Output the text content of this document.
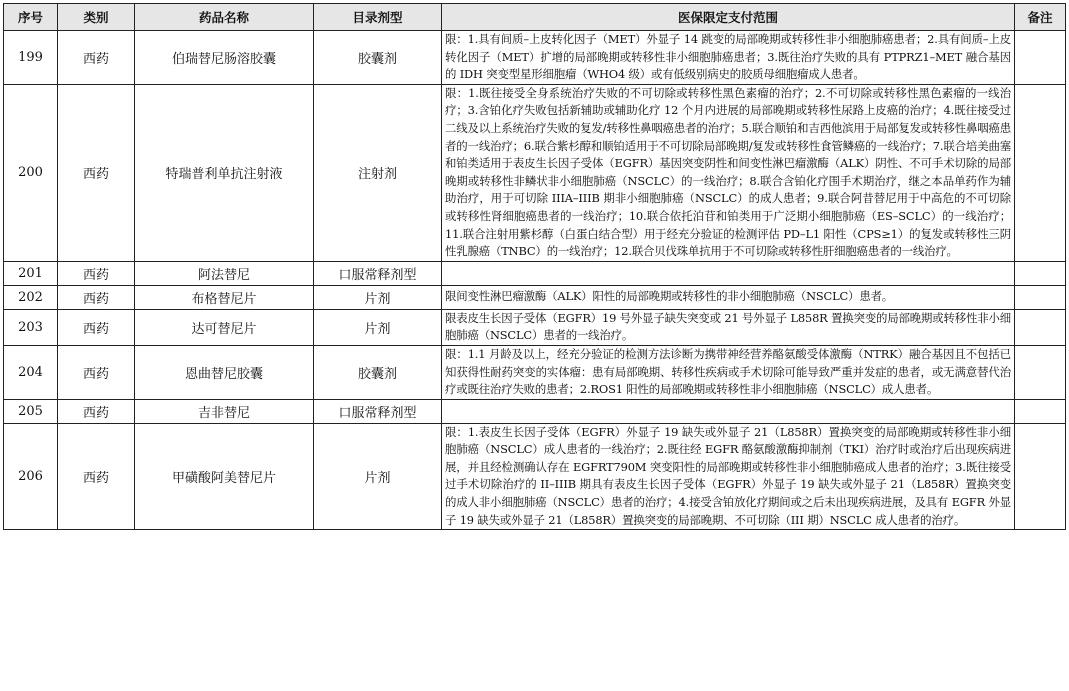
序号	类别	药品名称	目录剂型	医保限定支付范围	备注
199	西药	伯瑞替尼肠溶胶囊	胶囊剂	限：1.具有间质–上皮转化因子（MET）外显子 14 跳变的局部晚期或转移性非小细胞肺癌患者；2.具有间质–上皮转化因子（MET）扩增的局部晚期或转移性非小细胞肺癌患者；3.既往治疗失败的具有 PTPRZ1–MET 融合基因的 IDH 突变型星形细胞瘤（WHO4 级）或有低级别病史的胶质母细胞瘤成人患者。	
200	西药	特瑞普利单抗注射液	注射剂	限：1.既往接受全身系统治疗失败的不可切除或转移性黑色素瘤的治疗；2.不可切除或转移性黑色素瘤的一线治疗；3.含铂化疗失败包括新辅助或辅助化疗 12 个月内进展的局部晚期或转移性尿路上皮癌的治疗；4.既往接受过二线及以上系统治疗失败的复发/转移性鼻咽癌患者的治疗；5.联合顺铂和吉西他滨用于局部复发或转移性鼻咽癌患者的一线治疗；6.联合紫杉醇和顺铂适用于不可切除局部晚期/复发或转移性食管鳞癌的一线治疗；7.联合培美曲塞和铂类适用于表皮生长因子受体（EGFR）基因突变阴性和间变性淋巴瘤激酶（ALK）阴性、不可手术切除的局部晚期或转移性非鳞状非小细胞肺癌（NSCLC）的一线治疗；8.联合含铂化疗围手术期治疗，继之本品单药作为辅助治疗，用于可切除 IIIA–IIIB 期非小细胞肺癌（NSCLC）的成人患者；9.联合阿昔替尼用于中高危的不可切除或转移性肾细胞癌患者的一线治疗；10.联合依托泊苷和铂类用于广泛期小细胞肺癌（ES–SCLC）的一线治疗；11.联合注射用紫杉醇（白蛋白结合型）用于经充分验证的检测评估 PD–L1 阳性（CPS≥1）的复发或转移性三阴性乳腺癌（TNBC）的一线治疗；12.联合贝伐珠单抗用于不可切除或转移性肝细胞癌患者的一线治疗。	
201	西药	阿法替尼	口服常释剂型		
202	西药	布格替尼片	片剂	限间变性淋巴瘤激酶（ALK）阳性的局部晚期或转移性的非小细胞肺癌（NSCLC）患者。	
203	西药	达可替尼片	片剂	限表皮生长因子受体（EGFR）19 号外显子缺失突变或 21 号外显子 L858R 置换突变的局部晚期或转移性非小细胞肺癌（NSCLC）患者的一线治疗。	
204	西药	恩曲替尼胶囊	胶囊剂	限：1.1 月龄及以上，经充分验证的检测方法诊断为携带神经营养酪氨酸受体激酶（NTRK）融合基因且不包括已知获得性耐药突变的实体瘤：患有局部晚期、转移性疾病或手术切除可能导致严重并发症的患者，或无满意替代治疗或既往治疗失败的患者；2.ROS1 阳性的局部晚期或转移性非小细胞肺癌（NSCLC）成人患者。	
205	西药	吉非替尼	口服常释剂型		
206	西药	甲磺酸阿美替尼片	片剂	限：1.表皮生长因子受体（EGFR）外显子 19 缺失或外显子 21（L858R）置换突变的局部晚期或转移性非小细胞肺癌（NSCLC）成人患者的一线治疗；2.既往经 EGFR 酪氨酸激酶抑制剂（TKI）治疗时或治疗后出现疾病进展，并且经检测确认存在 EGFRT790M 突变阳性的局部晚期或转移性非小细胞肺癌成人患者的治疗；3.既往接受过手术切除治疗的 II–IIIB 期具有表皮生长因子受体（EGFR）外显子 19 缺失或外显子 21（L858R）置换突变的成人非小细胞肺癌（NSCLC）患者的治疗；4.接受含铂放化疗期间或之后未出现疾病进展，及具有 EGFR 外显子 19 缺失或外显子 21（L858R）置换突变的局部晚期、不可切除（III 期）NSCLC 成人患者的治疗。	
